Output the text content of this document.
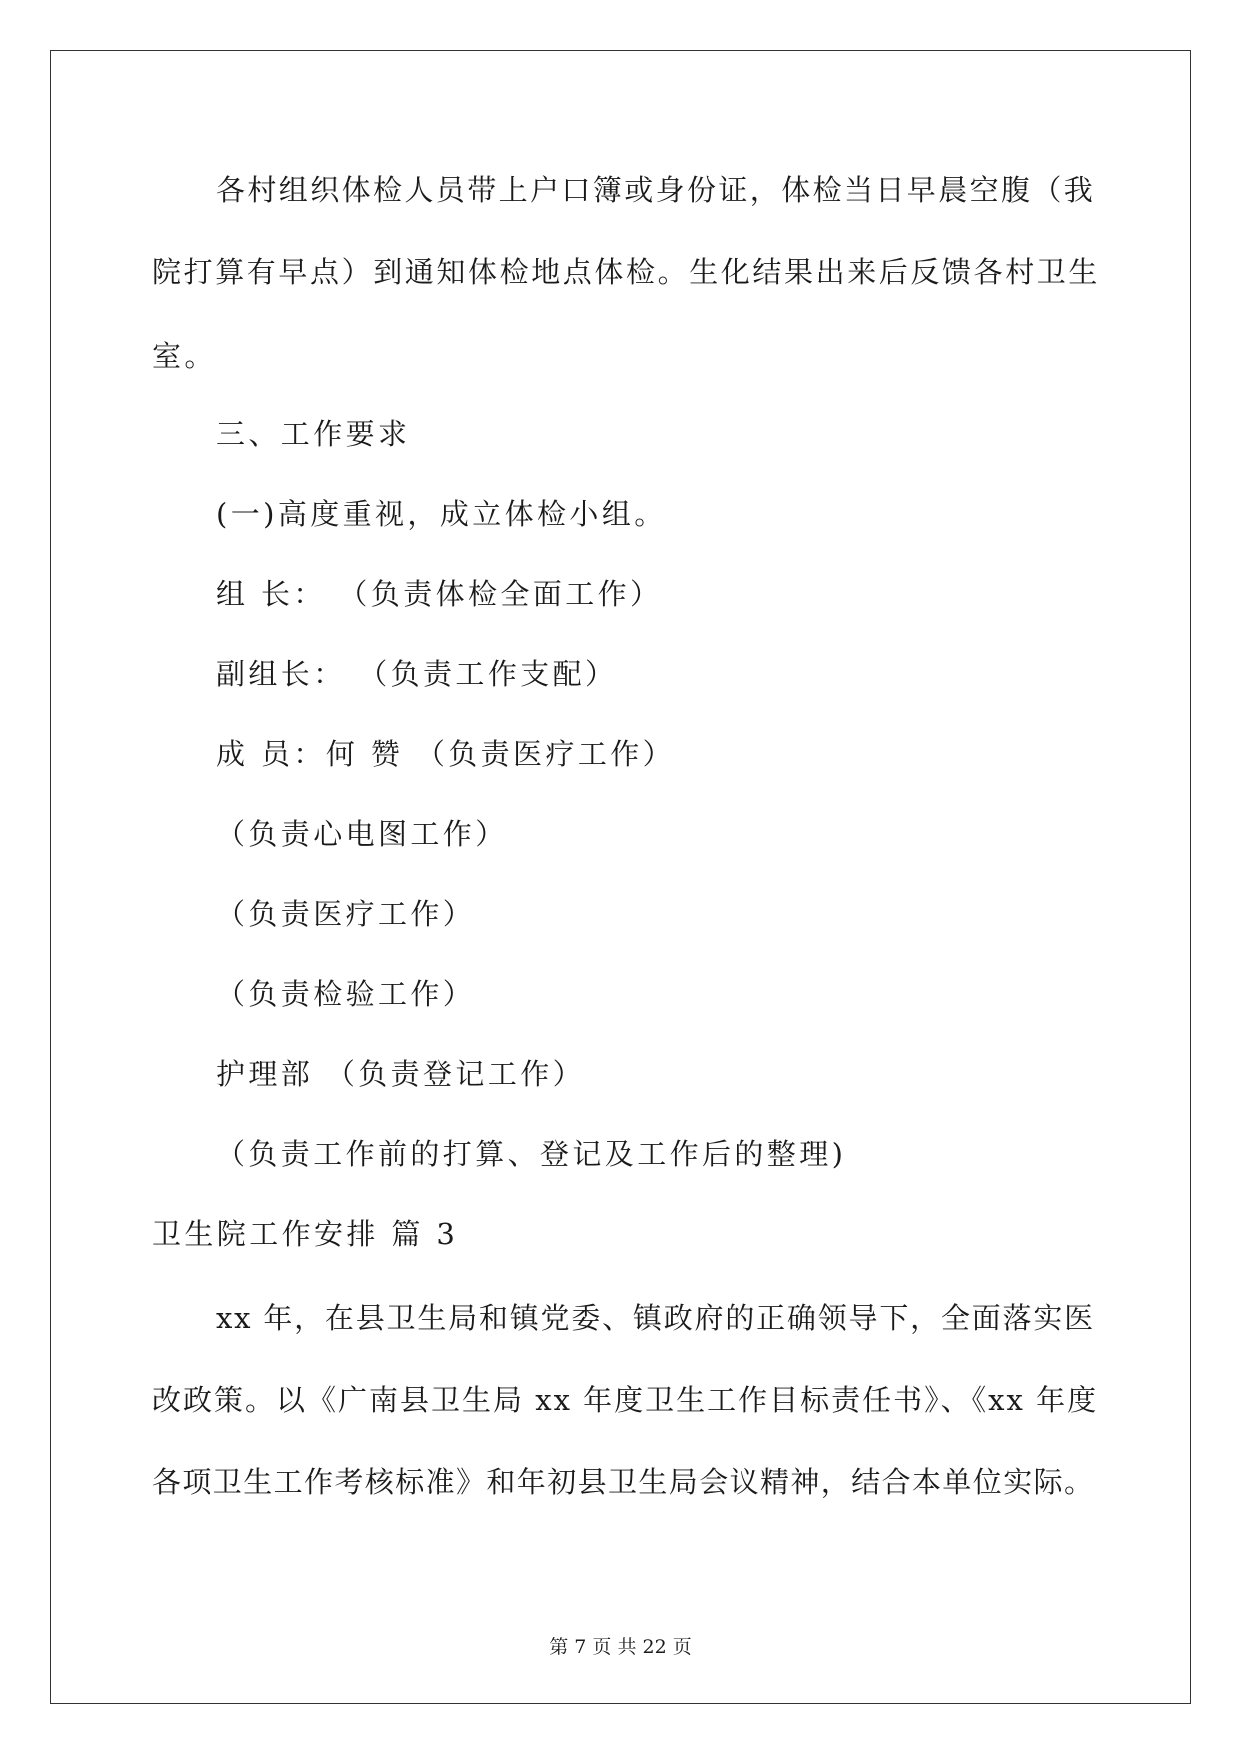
各村组织体检人员带上户口簿或身份证，体检当日早晨空腹（我
院打算有早点）到通知体检地点体检。生化结果出来后反馈各村卫生
室。
三、工作要求
(一)高度重视，成立体检小组。
组 长： （负责体检全面工作）
副组长： （负责工作支配）
成 员：何 赞 （负责医疗工作）
（负责心电图工作）
（负责医疗工作）
（负责检验工作）
护理部 （负责登记工作）
（负责工作前的打算、登记及工作后的整理)
卫生院工作安排 篇 3
xx 年，在县卫生局和镇党委、镇政府的正确领导下，全面落实医
改政策。以《广南县卫生局 xx 年度卫生工作目标责任书》、《xx 年度
各项卫生工作考核标准》和年初县卫生局会议精神，结合本单位实际。
第 7 页 共 22 页
